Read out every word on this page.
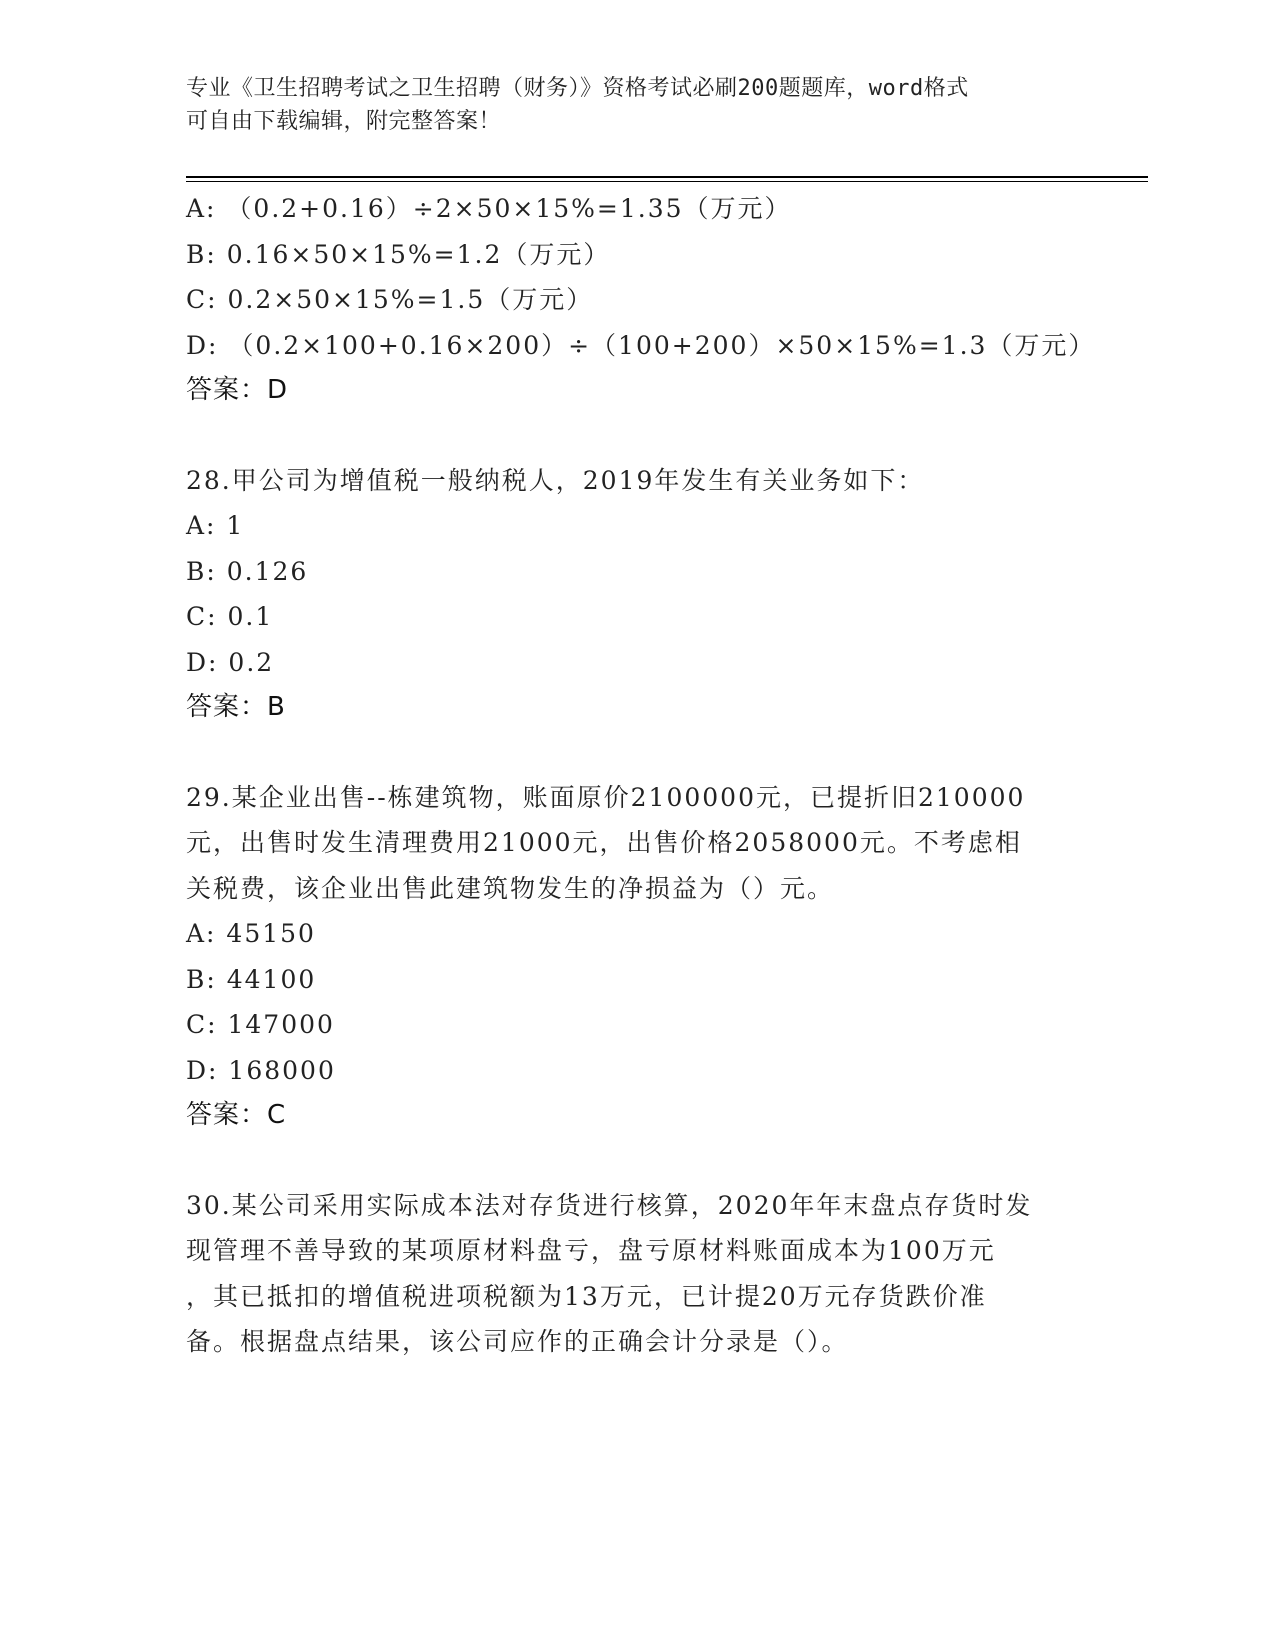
专业《卫生招聘考试之卫生招聘（财务）》资格考试必刷200题题库，word格式
可自由下载编辑，附完整答案！
A: （0.2+0.16）÷2×50×15%=1.35（万元）
B: 0.16×50×15%=1.2（万元）
C: 0.2×50×15%=1.5（万元）
D: （0.2×100+0.16×200）÷（100+200）×50×15%=1.3（万元）
答案：D
28.甲公司为增值税一般纳税人，2019年发生有关业务如下：
A: 1
B: 0.126
C: 0.1
D: 0.2
答案：B
29.某企业出售--栋建筑物，账面原价2100000元，已提折旧210000
元，出售时发生清理费用21000元，出售价格2058000元。不考虑相
关税费，该企业出售此建筑物发生的净损益为（）元。
A: 45150
B: 44100
C: 147000
D: 168000
答案：C
30.某公司采用实际成本法对存货进行核算，2020年年末盘点存货时发
现管理不善导致的某项原材料盘亏，盘亏原材料账面成本为100万元
，其已抵扣的增值税进项税额为13万元，已计提20万元存货跌价准
备。根据盘点结果，该公司应作的正确会计分录是（）。
